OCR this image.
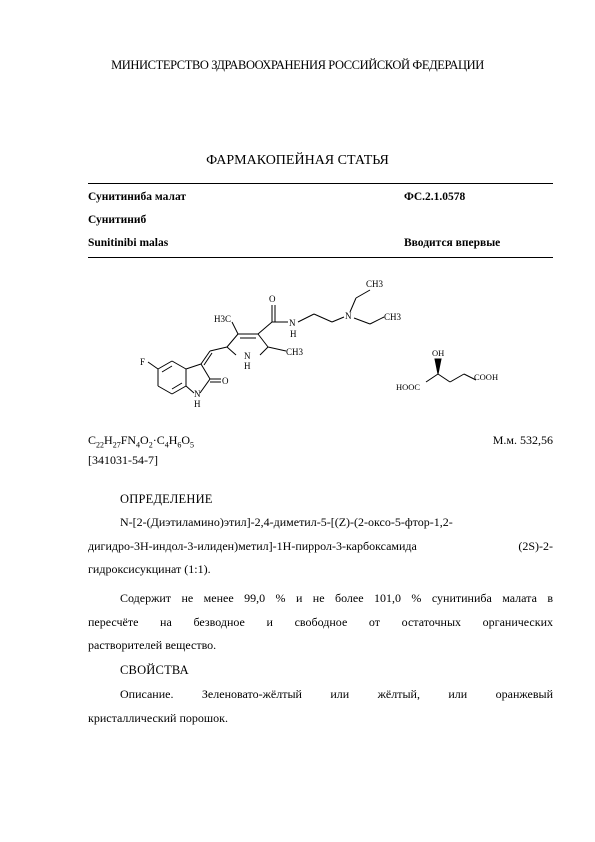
МИНИСТЕРСТВО ЗДРАВООХРАНЕНИЯ РОССИЙСКОЙ ФЕДЕРАЦИИ
ФАРМАКОПЕЙНАЯ СТАТЬЯ
Сунитиниба малат	ФС.2.1.0578
Сунитиниб
Sunitinibi malas	Вводится впервые
CH3
CH3
H3C
O
N
H
N
CH3
N
H
F
O
N
H
OH
HOOC
COOH
$C_{22}H_{27}FN_4O_2\cdot C_4H_6O_5$	М.м. 532,56
[341031-54-7]
ОПРЕДЕЛЕНИЕ
N-[2-(Диэтиламино)этил]-2,4-диметил-5-[(Z)-(2-оксо-5-фтор-1,2-
дигидро-3H-индол-3-илиден)метил]-1H-пиррол-3-карбоксамида (2S)-2-
гидроксисукцинат (1:1).
Содержит не менее 99,0 % и не более 101,0 % сунитиниба малата в
пересчёте на безводное и свободное от остаточных органических
растворителей вещество.
СВОЙСТВА
Описание. Зеленовато-жёлтый или жёлтый, или оранжевый
кристаллический порошок.
